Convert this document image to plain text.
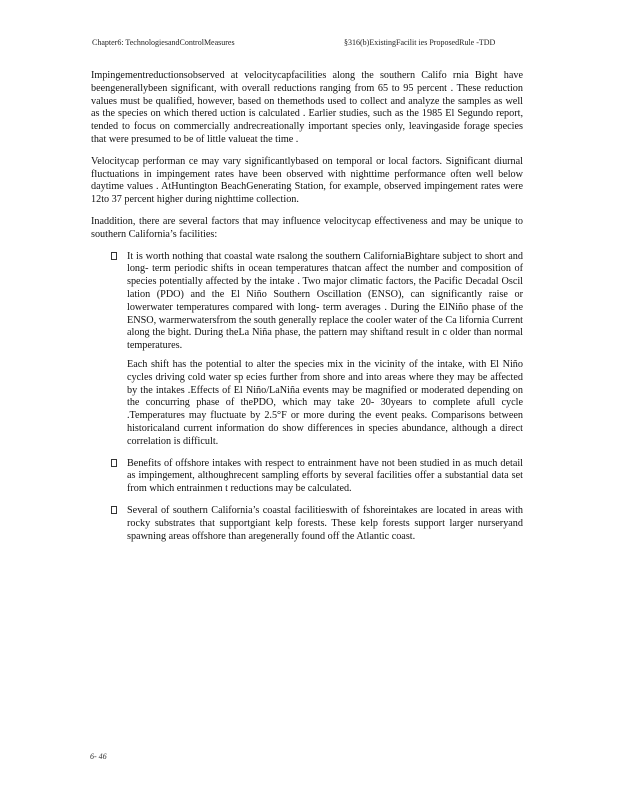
Chapter6: TechnologiesandControlMeasures	§316(b)ExistingFacilit ies ProposedRule -TDD

Impingementreductionsobserved at velocitycapfacilities along the southern Califo rnia Bight have beengenerallybeen significant, with overall reductions ranging from 65 to 95 percent . These reduction values must be qualified, however, based on themethods used to collect and analyze the samples as well as the species on which thered uction is calculated . Earlier studies, such as the 1985 El Segundo report, tended to focus on commercially andrecreationally important species only, leavingaside forage species that were presumed to be of little valueat the time .

Velocitycap performan ce may vary significantlybased on temporal or local factors. Significant diurnal fluctuations in impingement rates have been observed with nighttime performance often well below daytime values . AtHuntington BeachGenerating Station, for example, observed impingement rates were 12to 37 percent higher during nighttime collection.

Inaddition, there are several factors that may influence velocitycap effectiveness and may be unique to southern California’s facilities:

It is worth nothing that coastal wate rsalong the southern CaliforniaBightare subject to short and long- term periodic shifts in ocean temperatures thatcan affect the number and composition of species potentially affected by the intake . Two major climatic factors, the Pacific Decadal Oscil lation (PDO) and the El Niño Southern Oscillation (ENSO), can significantly raise or lowerwater temperatures compared with long- term averages . During the ElNiño phase of the ENSO, warmerwatersfrom the south generally replace the cooler water of the Ca lifornia Current along the bight. During theLa Niña phase, the pattern may shiftand result in c older than normal temperatures.

Each shift has the potential to alter the species mix in the vicinity of the intake, with El Niño cycles driving cold water sp ecies further from shore and into areas where they may be affected by the intakes .Effects of El Niño/LaNiña events may be magnified or moderated depending on the concurring phase of thePDO, which may take 20- 30years to complete afull cycle .Temperatures may fluctuate by 2.5°F or more during the event peaks. Comparisons between historicaland current information do show differences in species abundance, although a direct correlation is difficult.

Benefits of offshore intakes with respect to entrainment have not been studied in as much detail as impingement, althoughrecent sampling efforts by several facilities offer a substantial data set from which entrainmen t reductions may be calculated.

Several of southern California’s coastal facilitieswith of fshoreintakes are located in areas with rocky substrates that supportgiant kelp forests. These kelp forests support larger nurseryand spawning areas offshore than aregenerally found off the Atlantic coast.

6- 46
